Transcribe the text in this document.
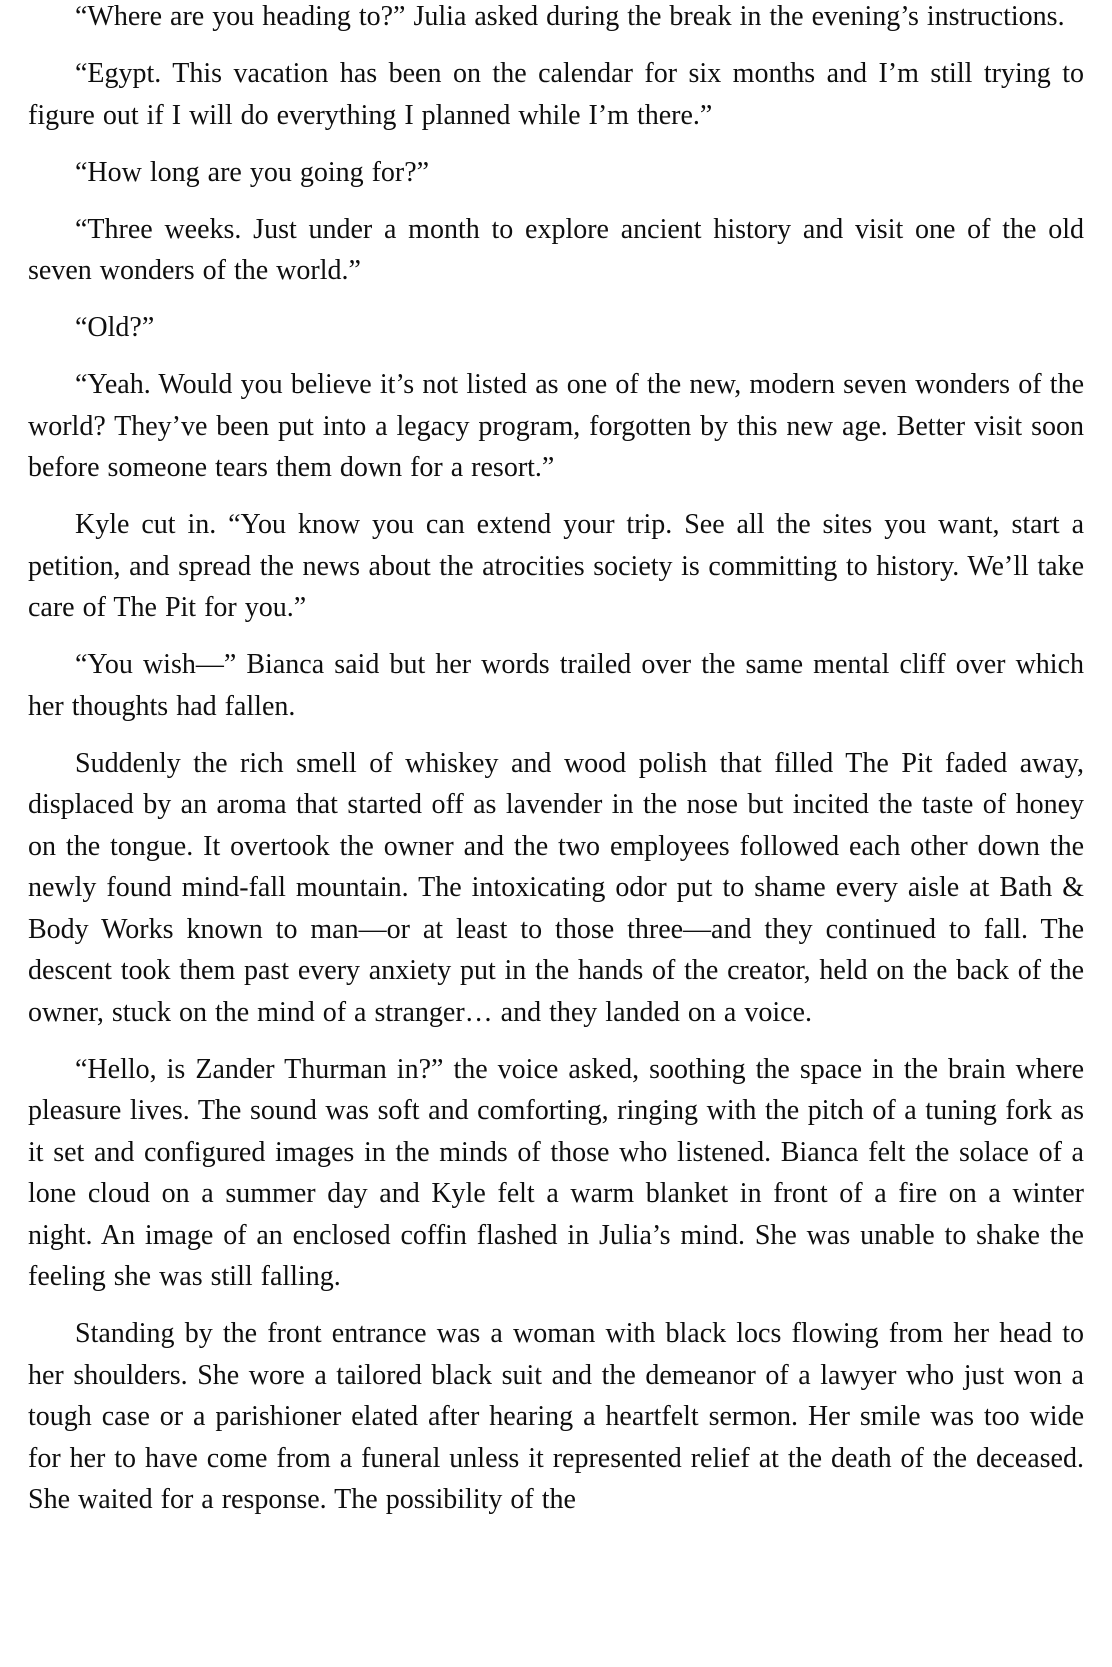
“Where are you heading to?” Julia asked during the break in the evening’s instructions.

“Egypt. This vacation has been on the calendar for six months and I’m still trying to figure out if I will do everything I planned while I’m there.”

“How long are you going for?”

“Three weeks. Just under a month to explore ancient history and visit one of the old seven wonders of the world.”

“Old?”

“Yeah. Would you believe it’s not listed as one of the new, modern seven wonders of the world? They’ve been put into a legacy program, forgotten by this new age. Better visit soon before someone tears them down for a resort.”

Kyle cut in. “You know you can extend your trip. See all the sites you want, start a petition, and spread the news about the atrocities society is committing to history. We’ll take care of The Pit for you.”

“You wish—” Bianca said but her words trailed over the same mental cliff over which her thoughts had fallen.

Suddenly the rich smell of whiskey and wood polish that filled The Pit faded away, displaced by an aroma that started off as lavender in the nose but incited the taste of honey on the tongue. It overtook the owner and the two employees followed each other down the newly found mind-fall mountain. The intoxicating odor put to shame every aisle at Bath & Body Works known to man—or at least to those three—and they continued to fall. The descent took them past every anxiety put in the hands of the creator, held on the back of the owner, stuck on the mind of a stranger… and they landed on a voice.

“Hello, is Zander Thurman in?” the voice asked, soothing the space in the brain where pleasure lives. The sound was soft and comforting, ringing with the pitch of a tuning fork as it set and configured images in the minds of those who listened. Bianca felt the solace of a lone cloud on a summer day and Kyle felt a warm blanket in front of a fire on a winter night. An image of an enclosed coffin flashed in Julia’s mind. She was unable to shake the feeling she was still falling.

Standing by the front entrance was a woman with black locs flowing from her head to her shoulders. She wore a tailored black suit and the demeanor of a lawyer who just won a tough case or a parishioner elated after hearing a heartfelt sermon. Her smile was too wide for her to have come from a funeral unless it represented relief at the death of the deceased. She waited for a response. The possibility of the
